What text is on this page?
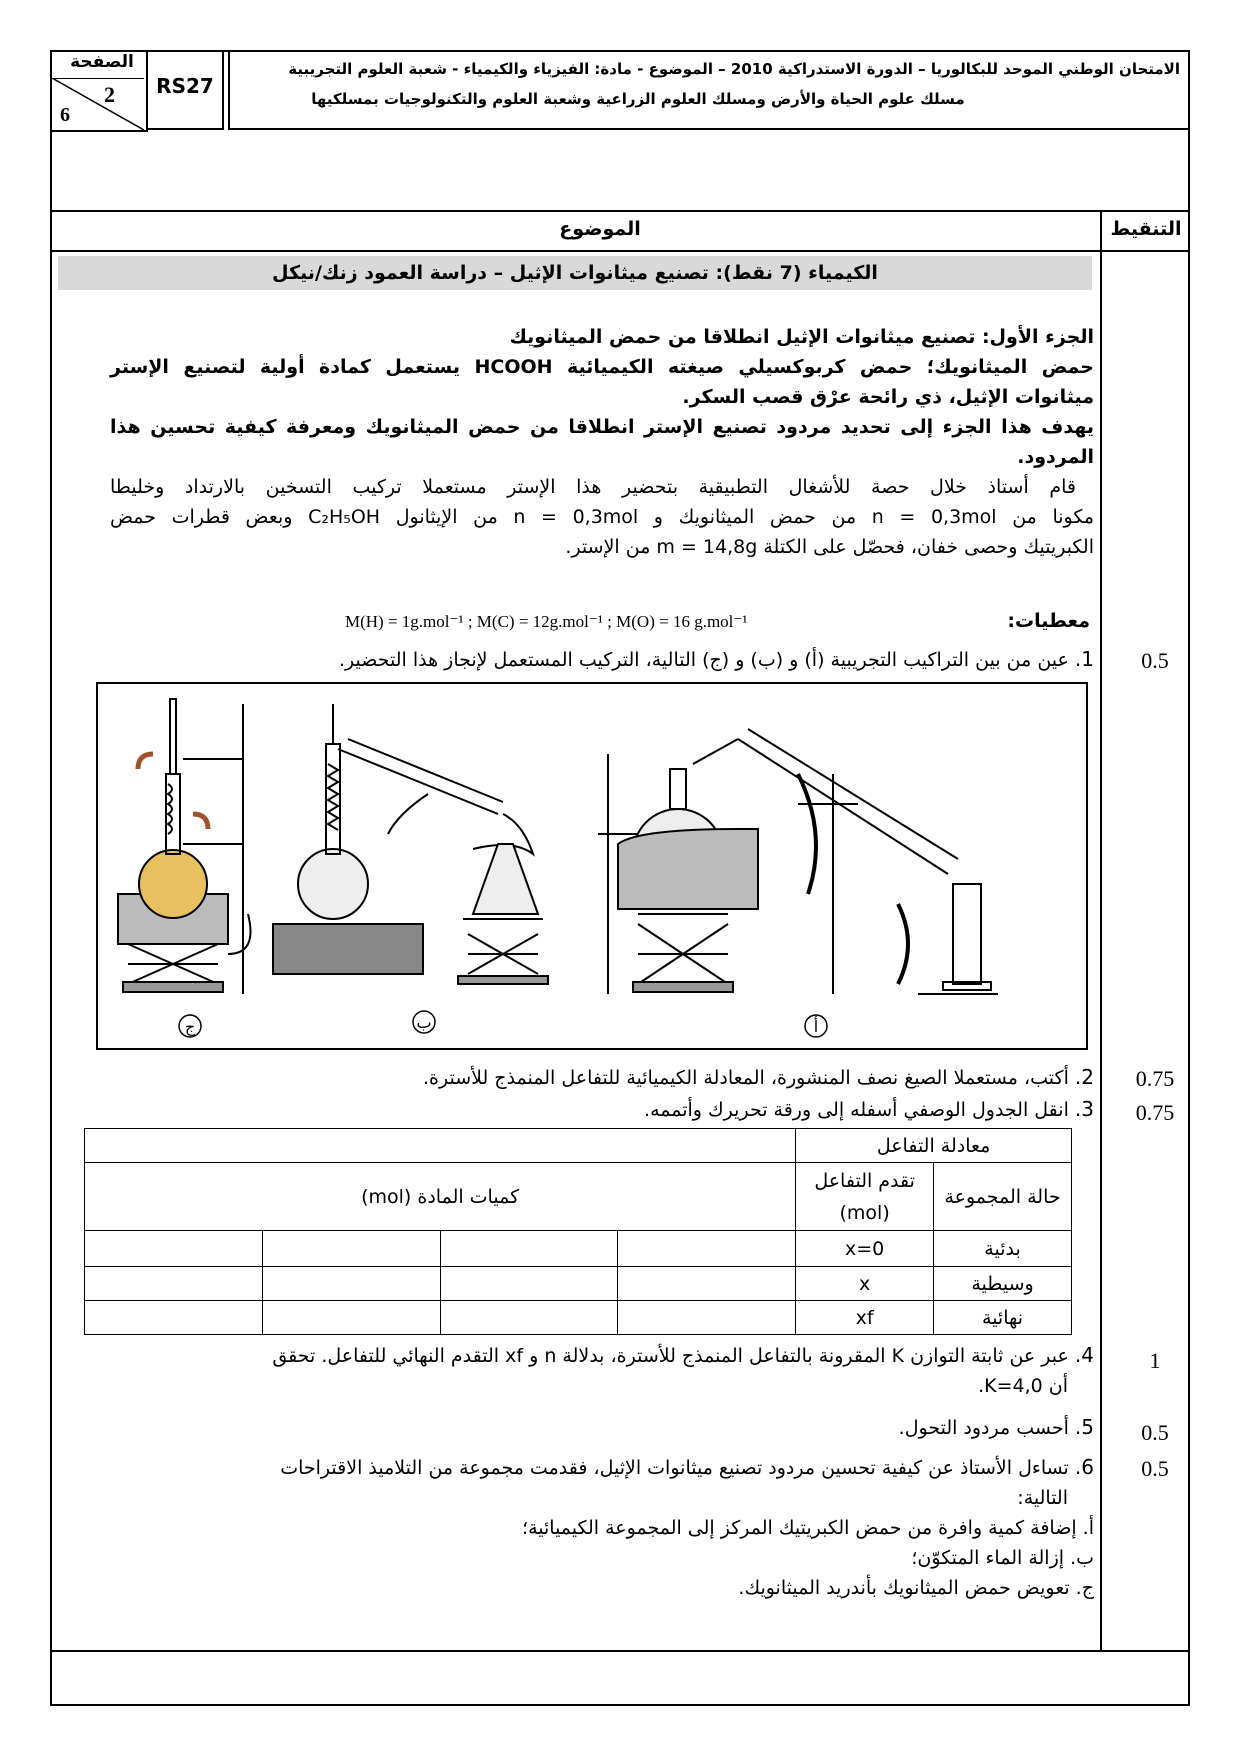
الصفحة
2
6
RS27
الامتحان الوطني الموحد للبكالوريا – الدورة الاستدراكية 2010 – الموضوع - مادة: الفيزياء والكيمياء - شعبة العلوم التجريبية
مسلك علوم الحياة والأرض ومسلك العلوم الزراعية وشعبة العلوم والتكنولوجيات بمسلكيها
الموضوع	التنقيط
الكيمياء (7 نقط): تصنيع ميثانوات الإثيل – دراسة العمود زنك/نيكل
الجزء الأول: تصنيع ميثانوات الإثيل انطلاقا من حمض الميثانويك
حمض الميثانويك؛ حمض كربوكسيلي صيغته الكيميائية HCOOH يستعمل كمادة أولية لتصنيع الإستر
ميثانوات الإثيل، ذي رائحة عرْق قصب السكر.
يهدف هذا الجزء إلى تحديد مردود تصنيع الإستر انطلاقا من حمض الميثانويك ومعرفة كيفية تحسين هذا
المردود.
قام أستاذ خلال حصة للأشغال التطبيقية بتحضير هذا الإستر مستعملا تركيب التسخين بالارتداد وخليطا
مكونا من n = 0,3mol من حمض الميثانويك و n = 0,3mol من الإيثانول C₂H₅OH وبعض قطرات حمض
الكبريتيك وحصى خفان، فحصّل على الكتلة m = 14,8g من الإستر.
معطيات:
M(H) = 1g.mol⁻¹ ; M(C) = 12g.mol⁻¹ ; M(O) = 16 g.mol⁻¹
0.5
1. عين من بين التراكيب التجريبية (أ) و (ب) و (ج) التالية، التركيب المستعمل لإنجاز هذا التحضير.
ج	ب	أ
0.75
2. أكتب، مستعملا الصيغ نصف المنشورة، المعادلة الكيميائية للتفاعل المنمذج للأسترة.
0.75
3. انقل الجدول الوصفي أسفله إلى ورقة تحريرك وأتممه.
معادلة التفاعل					
حالة المجموعة	تقدم التفاعل (mol)	كميات المادة (mol)			
بدئية	x=0				
وسيطية	x				
نهائية	xf				
1
4. عبر عن ثابتة التوازن K المقرونة بالتفاعل المنمذج للأسترة، بدلالة n و xf التقدم النهائي للتفاعل. تحقق
أن K=4,0.
0.5
5. أحسب مردود التحول.
0.5
6. تساءل الأستاذ عن كيفية تحسين مردود تصنيع ميثانوات الإثيل، فقدمت مجموعة من التلاميذ الاقتراحات
التالية:
أ. إضافة كمية وافرة من حمض الكبريتيك المركز إلى المجموعة الكيميائية؛
ب. إزالة الماء المتكوّن؛
ج. تعويض حمض الميثانويك بأندريد الميثانويك.
